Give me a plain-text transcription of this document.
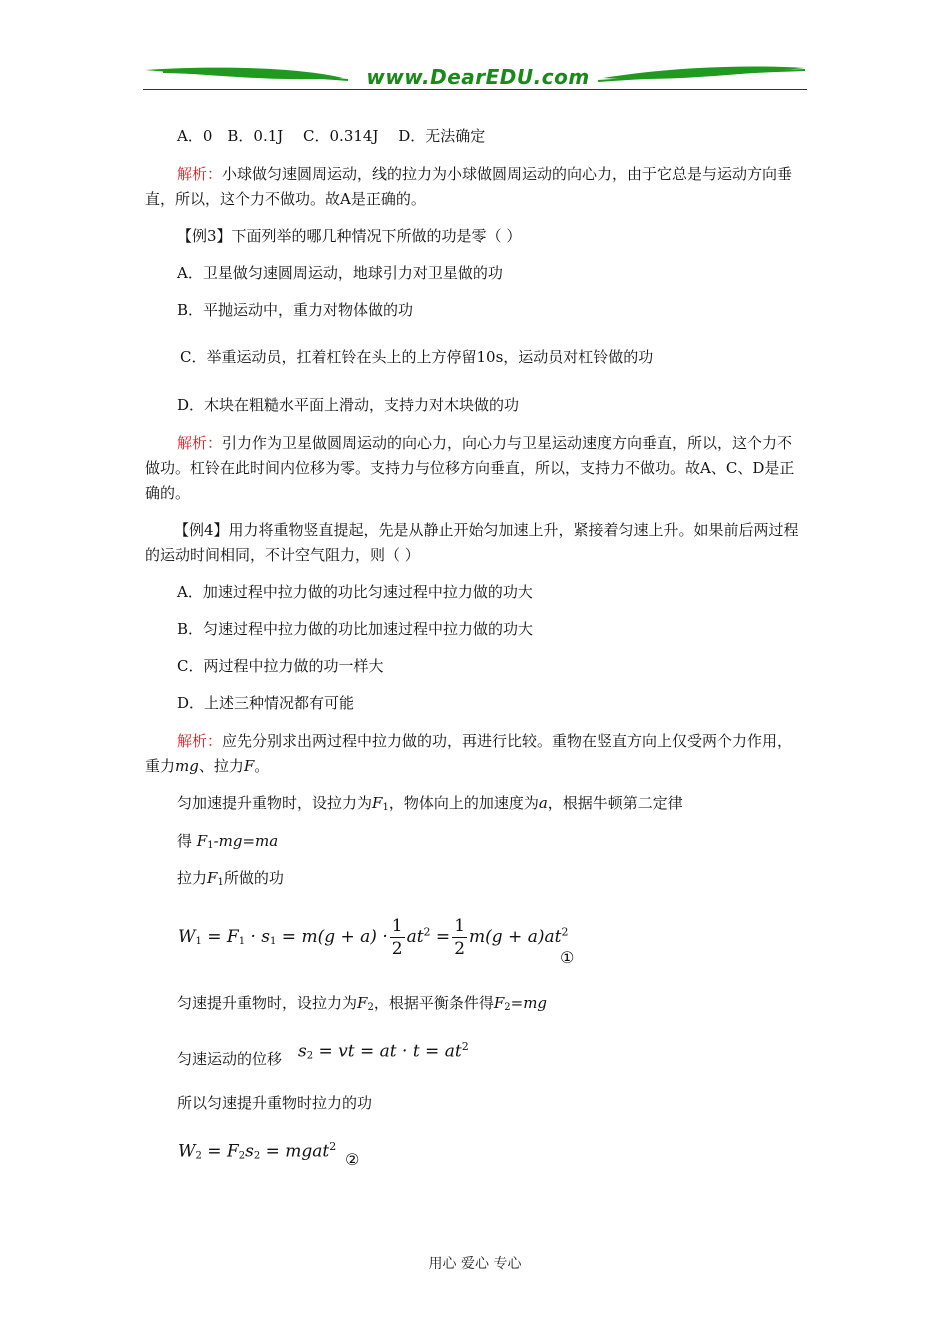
www.DearEDU.com
A．0　B．0.1J　 C．0.314J　 D．无法确定
解析：小球做匀速圆周运动，线的拉力为小球做圆周运动的向心力，由于它总是与运动方向垂直，所以，这个力不做功。故A是正确的。
【例3】下面列举的哪几种情况下所做的功是零（ ）
A．卫星做匀速圆周运动，地球引力对卫星做的功
B．平抛运动中，重力对物体做的功
C．举重运动员，扛着杠铃在头上的上方停留10s，运动员对杠铃做的功
D．木块在粗糙水平面上滑动，支持力对木块做的功
解析：引力作为卫星做圆周运动的向心力，向心力与卫星运动速度方向垂直，所以，这个力不做功。杠铃在此时间内位移为零。支持力与位移方向垂直，所以，支持力不做功。故A、C、D是正确的。
【例4】用力将重物竖直提起，先是从静止开始匀加速上升，紧接着匀速上升。如果前后两过程的运动时间相同，不计空气阻力，则（ ）
A．加速过程中拉力做的功比匀速过程中拉力做的功大
B．匀速过程中拉力做的功比加速过程中拉力做的功大
C．两过程中拉力做的功一样大
D．上述三种情况都有可能
解析：应先分别求出两过程中拉力做的功，再进行比较。重物在竖直方向上仅受两个力作用，重力mg、拉力F。
匀加速提升重物时，设拉力为$F_1$，物体向上的加速度为a，根据牛顿第二定律
得 $F_1-mg=ma$
拉力$F_1$所做的功
$W_1 = F_1 \cdot s_1 = m(g + a) \cdot \frac{1}{2} at^2 = \frac{1}{2} m(g + a)at^2$
①
匀速提升重物时，设拉力为$F_2$，根据平衡条件得$F_2=mg$
匀速运动的位移 $s_2$ = vt = at · $t = at^2$
所以匀速提升重物时拉力的功
$W_2 = F_2s_2$ = mgat$^2$
②
用心 爱心 专心
